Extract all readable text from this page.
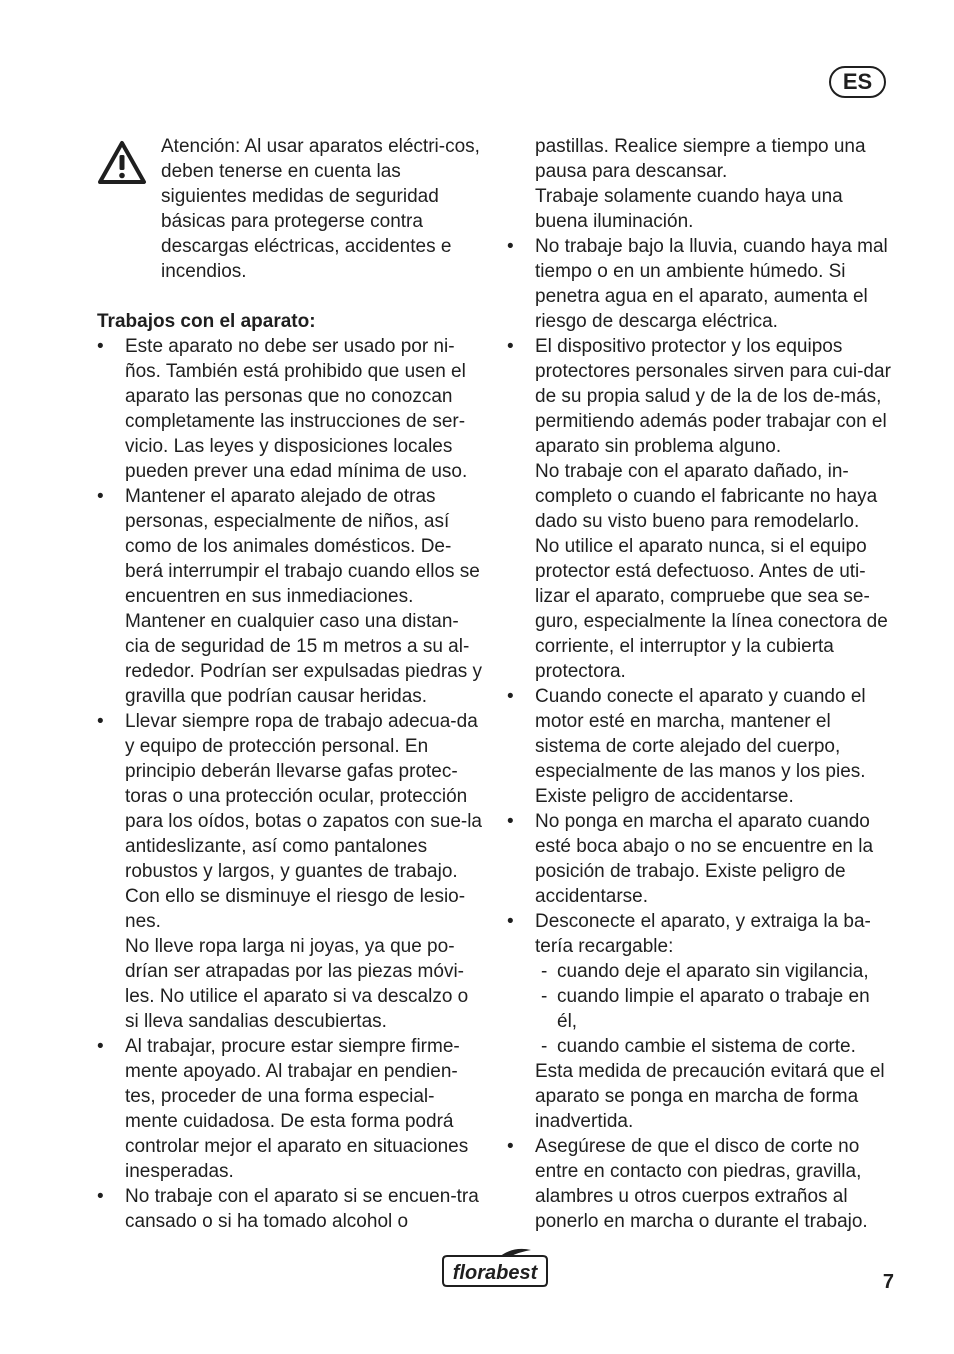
ES
Atención: Al usar aparatos eléctri-cos, deben tenerse en cuenta las siguientes medidas de seguridad básicas para protegerse contra descargas eléctricas, accidentes e incendios.
Trabajos con el aparato:

• Este aparato no debe ser usado por ni-ños. También está prohibido que usen el aparato las personas que no conozcan completamente las instrucciones de ser-vicio. Las leyes y disposiciones locales pueden prever una edad mínima de uso.

• Mantener el aparato alejado de otras personas, especialmente de niños, así como de los animales domésticos. De-berá interrumpir el trabajo cuando ellos se encuentren en sus inmediaciones. Mantener en cualquier caso una distan-cia de seguridad de 15 m metros a su al-rededor. Podrían ser expulsadas piedras y gravilla que podrían causar heridas.

• Llevar siempre ropa de trabajo adecua-da y equipo de protección personal. En principio deberán llevarse gafas protec-toras o una protección ocular, protección para los oídos, botas o zapatos con sue-la antideslizante, así como pantalones robustos y largos, y guantes de trabajo. Con ello se disminuye el riesgo de lesio-nes.

No lleve ropa larga ni joyas, ya que po-drían ser atrapadas por las piezas móvi-les. No utilice el aparato si va descalzo o si lleva sandalias descubiertas.

• Al trabajar, procure estar siempre firme-mente apoyado. Al trabajar en pendien-tes, proceder de una forma especial-mente cuidadosa. De esta forma podrá controlar mejor el aparato en situaciones inesperadas.

• No trabaje con el aparato si se encuen-tra cansado o si ha tomado alcohol o

pastillas. Realice siempre a tiempo una pausa para descansar.

Trabaje solamente cuando haya una buena iluminación.

• No trabaje bajo la lluvia, cuando haya mal tiempo o en un ambiente húmedo. Si penetra agua en el aparato, aumenta el riesgo de descarga eléctrica.

• El dispositivo protector y los equipos protectores personales sirven para cui-dar de su propia salud y de la de los de-más, permitiendo además poder trabajar con el aparato sin problema alguno.

No trabaje con el aparato dañado, in-completo o cuando el fabricante no haya dado su visto bueno para remodelarlo.

No utilice el aparato nunca, si el equipo protector está defectuoso. Antes de uti-lizar el aparato, compruebe que sea se-guro, especialmente la línea conectora de corriente, el interruptor y la cubierta protectora.

• Cuando conecte el aparato y cuando el motor esté en marcha, mantener el sistema de corte alejado del cuerpo, especialmente de las manos y los pies. Existe peligro de accidentarse.

• No ponga en marcha el aparato cuando esté boca abajo o no se encuentre en la posición de trabajo. Existe peligro de accidentarse.

• Desconecte el aparato, y extraiga la ba-tería recargable:

- cuando deje el aparato sin vigilancia,
- cuando limpie el aparato o trabaje en él,
- cuando cambie el sistema de corte.

Esta medida de precaución evitará que el aparato se ponga en marcha de forma inadvertida.

• Asegúrese de que el disco de corte no entre en contacto con piedras, gravilla, alambres u otros cuerpos extraños al ponerlo en marcha o durante el trabajo.

florabest	7
